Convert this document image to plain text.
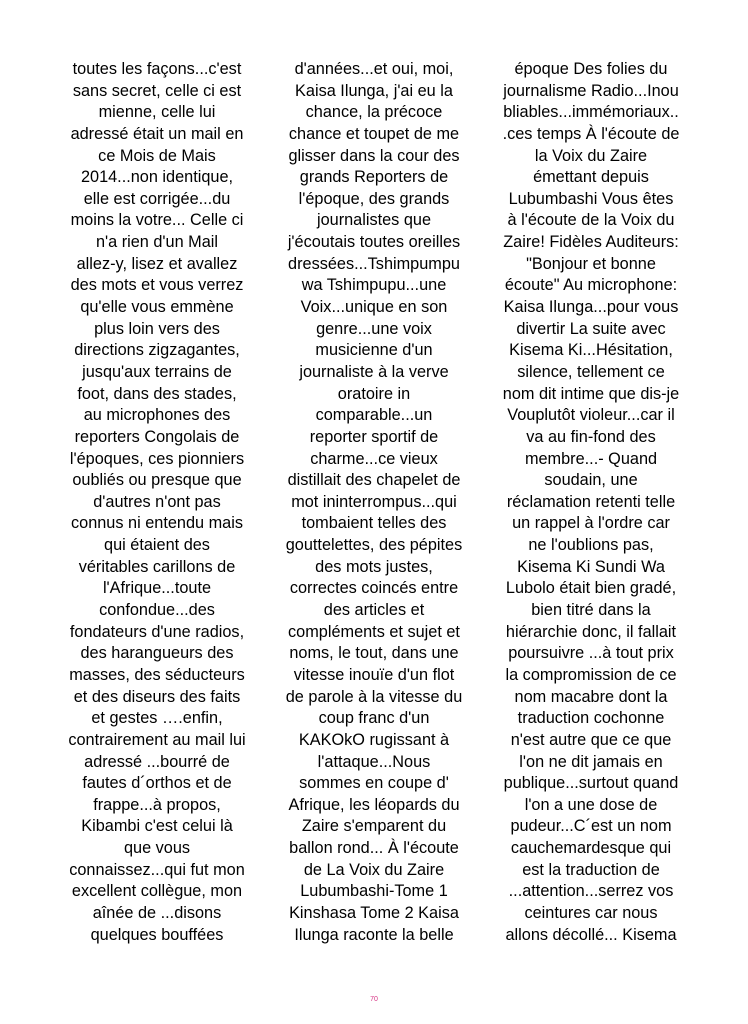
toutes les façons...c'est
sans secret, celle ci est
mienne, celle lui
adressé était un mail en
ce Mois de Mais
2014...non identique,
elle est corrigée...du
moins la votre... Celle ci
n'a rien d'un Mail
allez-y, lisez et avallez
des mots et vous verrez
qu'elle vous emmène
plus loin vers des
directions zigzagantes,
jusqu'aux terrains de
foot, dans des stades,
au microphones des
reporters Congolais de
l'époques, ces pionniers
oubliés ou presque que
d'autres n'ont pas
connus ni entendu mais
qui étaient des
véritables carillons de
l'Afrique...toute
confondue...des
fondateurs d'une radios,
des harangueurs des
masses, des séducteurs
et des diseurs des faits
et gestes ….enfin,
contrairement au mail lui
adressé ...bourré de
fautes d´orthos et de
frappe...à propos,
Kibambi c'est celui là
que vous
connaissez...qui fut mon
excellent collègue, mon
aînée de ...disons
quelques bouffées
d'années...et oui, moi,
Kaisa Ilunga, j'ai eu la
chance, la précoce
chance et toupet de me
glisser dans la cour des
grands Reporters de
l'époque, des grands
journalistes que
j'écoutais toutes oreilles
dressées...Tshimpumpu
wa Tshimpupu...une
Voix...unique en son
genre...une voix
musicienne d'un
journaliste à la verve
oratoire in
comparable...un
reporter sportif de
charme...ce vieux
distillait des chapelet de
mot ininterrompus...qui
tombaient telles des
gouttelettes, des pépites
des mots justes,
correctes coincés entre
des articles et
compléments et sujet et
noms, le tout, dans une
vitesse inouïe d'un flot
de parole à la vitesse du
coup franc d'un
KAKOkO rugissant à
l'attaque...Nous
sommes en coupe d'
Afrique, les léopards du
Zaire s'emparent du
ballon rond... À l'écoute
de La Voix du Zaire
Lubumbashi-Tome 1
Kinshasa Tome 2 Kaisa
Ilunga raconte la belle
époque Des folies du
journalisme Radio...Inou
bliables...immémoriaux..
.ces temps À l'écoute de
la Voix du Zaire
émettant depuis
Lubumbashi Vous êtes
à l'écoute de la Voix du
Zaire! Fidèles Auditeurs:
"Bonjour et bonne
écoute" Au microphone:
Kaisa Ilunga...pour vous
divertir La suite avec
Kisema Ki...Hésitation,
silence, tellement ce
nom dit intime que dis-je
Vouplutôt violeur...car il
va au fin-fond des
membre...- Quand
soudain, une
réclamation retenti telle
un rappel à l'ordre car
ne l'oublions pas,
Kisema Ki Sundi Wa
Lubolo était bien gradé,
bien titré dans la
hiérarchie donc, il fallait
poursuivre ...à tout prix
la compromission de ce
nom macabre dont la
traduction cochonne
n'est autre que ce que
l'on ne dit jamais en
publique...surtout quand
l'on a une dose de
pudeur...C´est un nom
cauchemardesque qui
est la traduction de
...attention...serrez vos
ceintures car nous
allons décollé... Kisema
70
